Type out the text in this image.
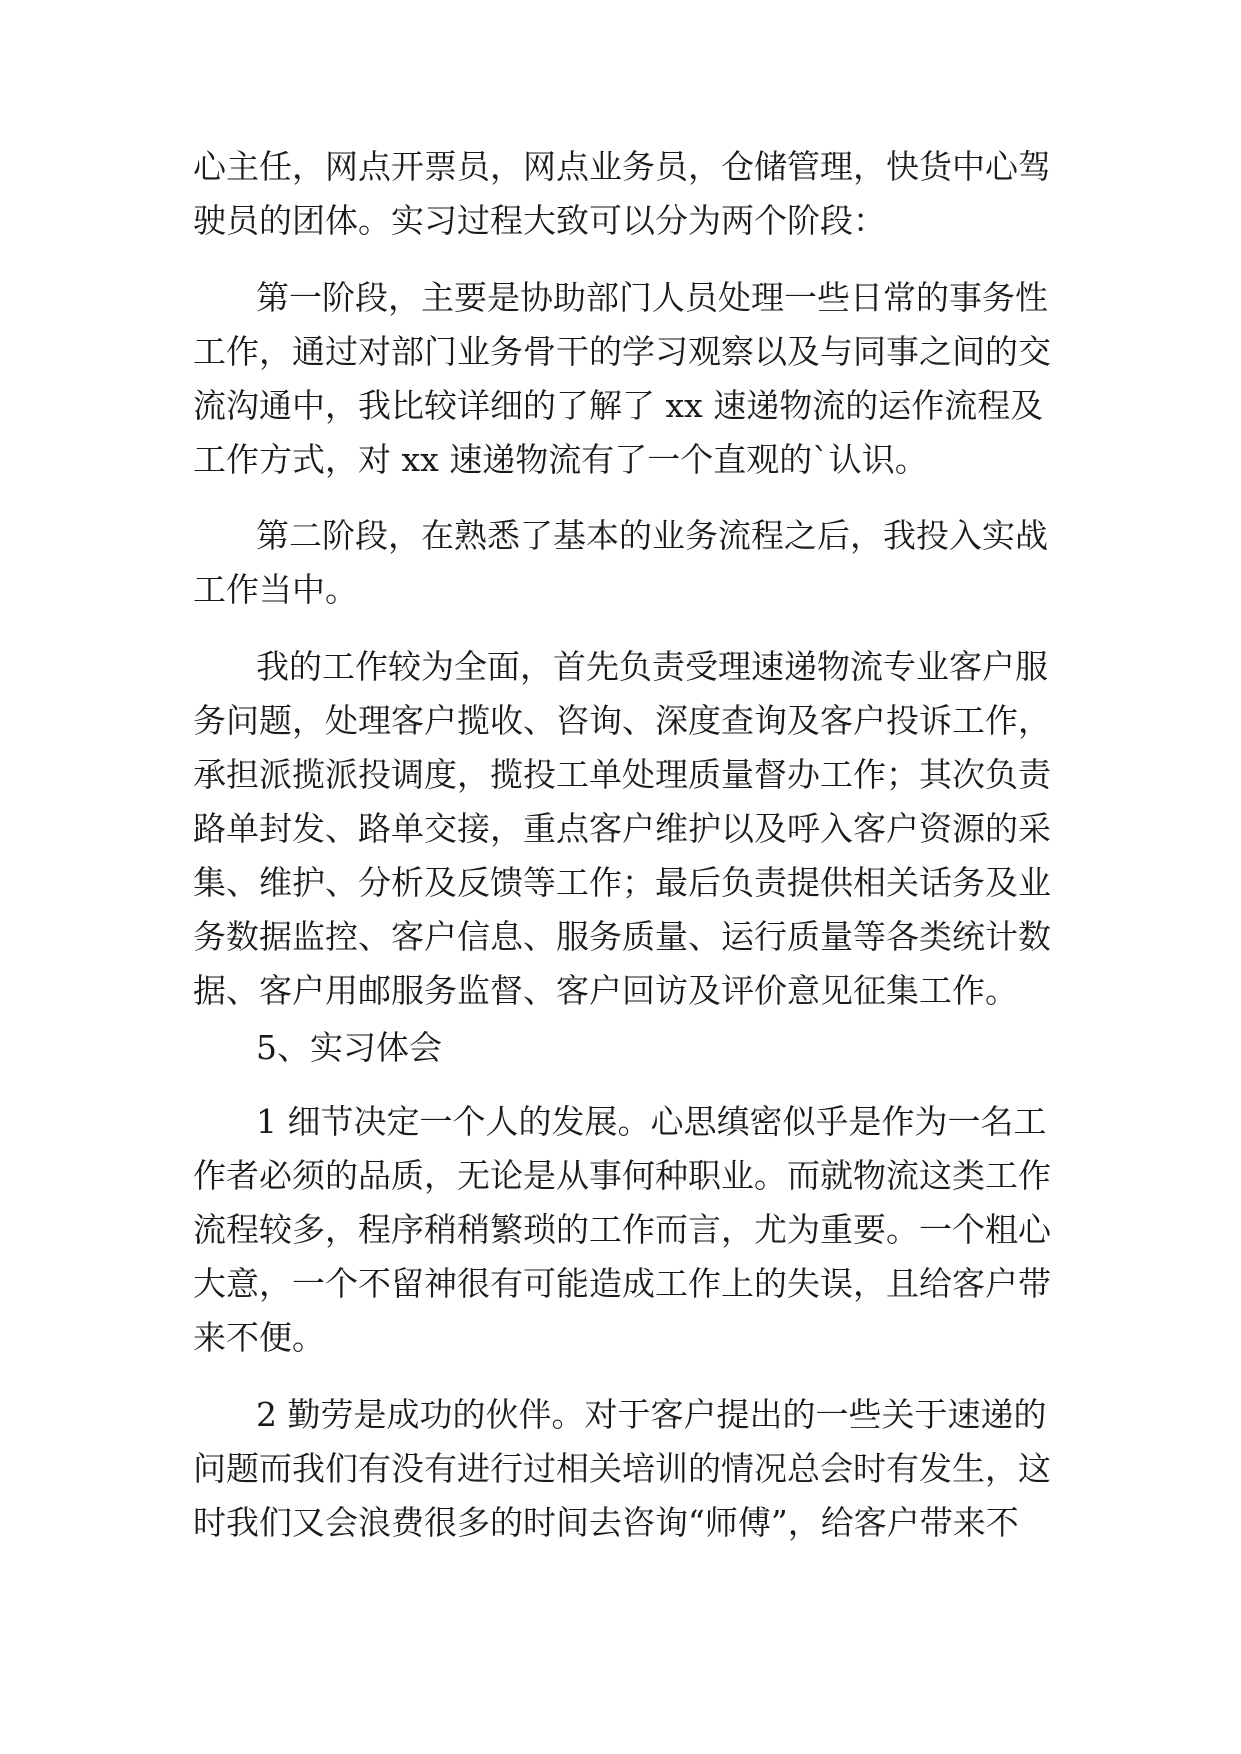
心主任，网点开票员，网点业务员，仓储管理，快货中心驾
驶员的团体。实习过程大致可以分为两个阶段：
第一阶段，主要是协助部门人员处理一些日常的事务性
工作，通过对部门业务骨干的学习观察以及与同事之间的交
流沟通中，我比较详细的了解了 xx 速递物流的运作流程及
工作方式，对 xx 速递物流有了一个直观的`认识。
第二阶段，在熟悉了基本的业务流程之后，我投入实战
工作当中。
我的工作较为全面，首先负责受理速递物流专业客户服
务问题，处理客户揽收、咨询、深度查询及客户投诉工作，
承担派揽派投调度，揽投工单处理质量督办工作；其次负责
路单封发、路单交接，重点客户维护以及呼入客户资源的采
集、维护、分析及反馈等工作；最后负责提供相关话务及业
务数据监控、客户信息、服务质量、运行质量等各类统计数
据、客户用邮服务监督、客户回访及评价意见征集工作。
5、实习体会
1 细节决定一个人的发展。心思缜密似乎是作为一名工
作者必须的品质，无论是从事何种职业。而就物流这类工作
流程较多，程序稍稍繁琐的工作而言，尤为重要。一个粗心
大意，一个不留神很有可能造成工作上的失误，且给客户带
来不便。
2 勤劳是成功的伙伴。对于客户提出的一些关于速递的
问题而我们有没有进行过相关培训的情况总会时有发生，这
时我们又会浪费很多的时间去咨询“师傅”，给客户带来不
